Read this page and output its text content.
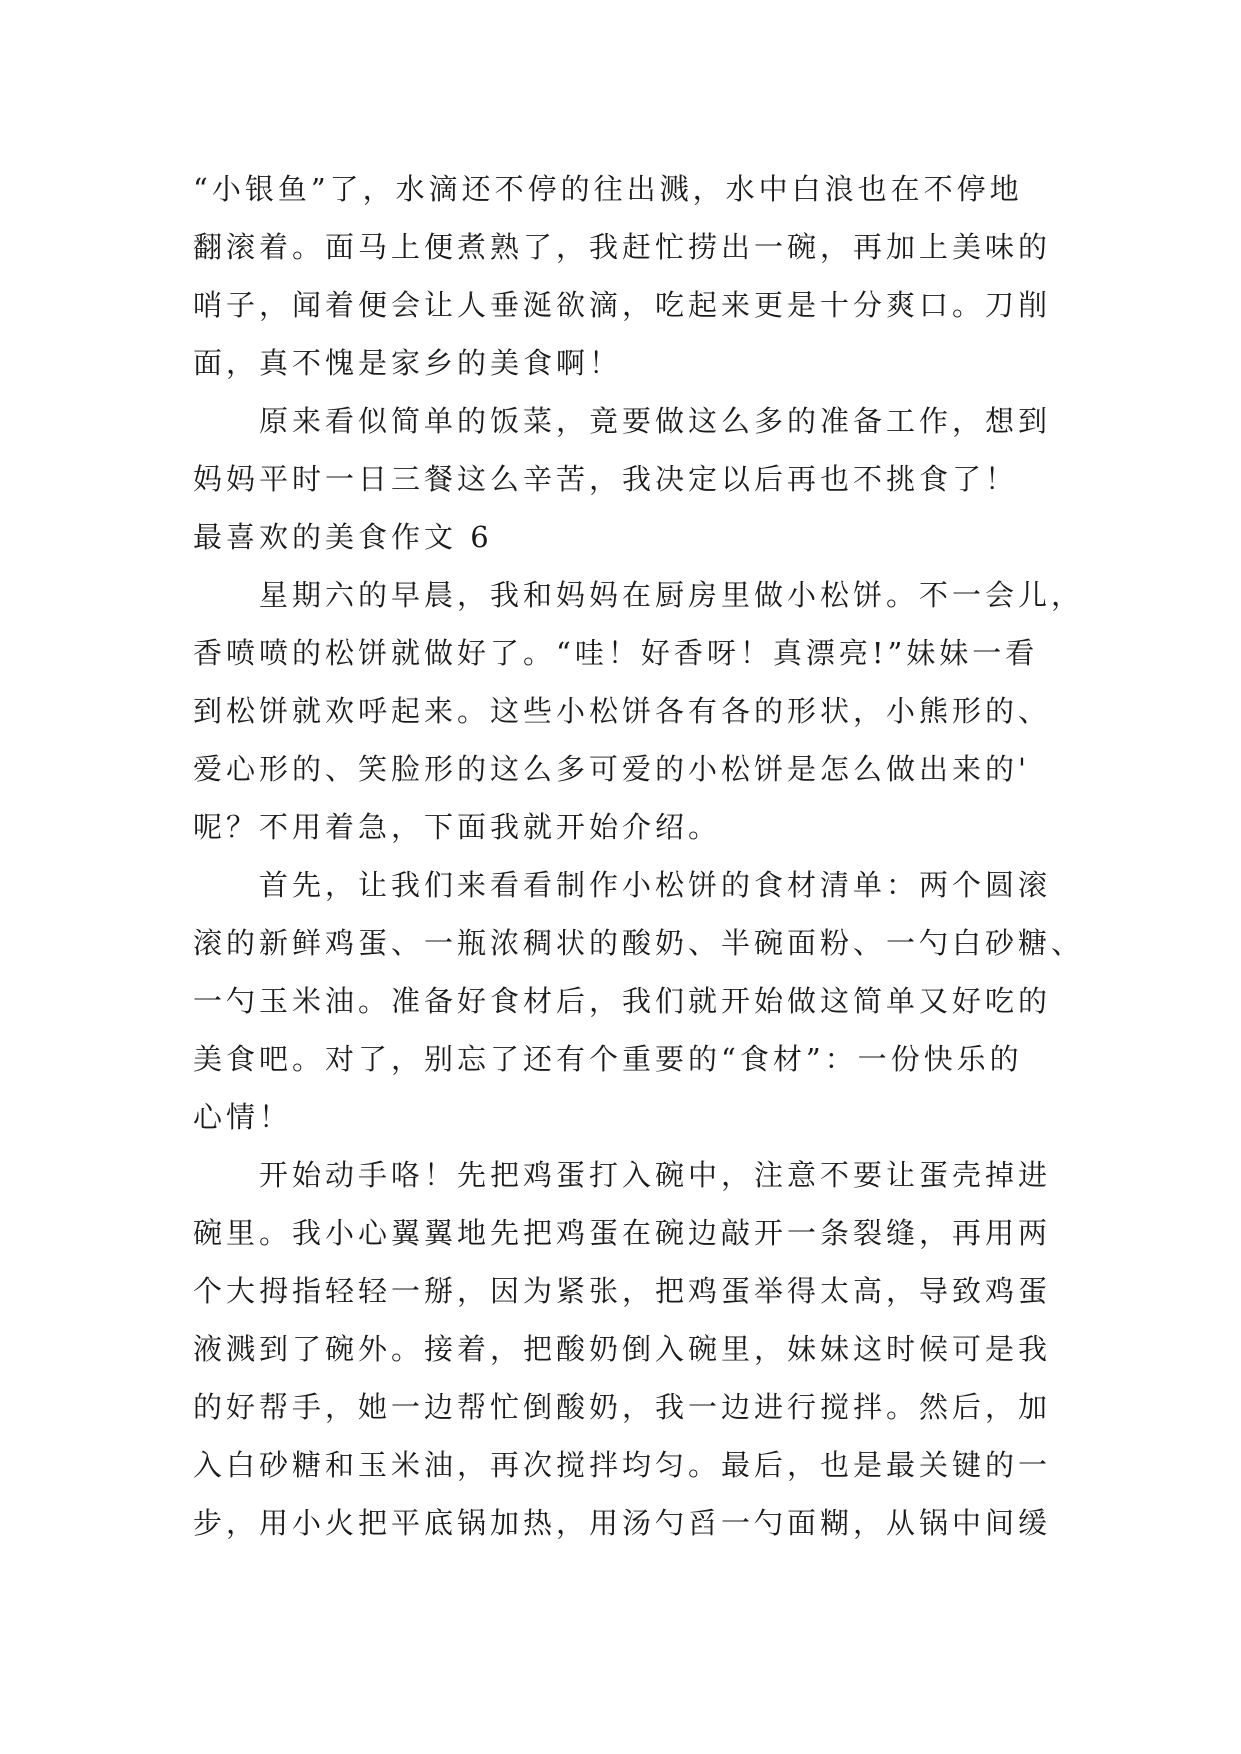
“小银鱼”了，水滴还不停的往出溅，水中白浪也在不停地
翻滚着。面马上便煮熟了，我赶忙捞出一碗，再加上美味的
哨子，闻着便会让人垂涎欲滴，吃起来更是十分爽口。刀削
面，真不愧是家乡的美食啊！
原来看似简单的饭菜，竟要做这么多的准备工作，想到
妈妈平时一日三餐这么辛苦，我决定以后再也不挑食了！
最喜欢的美食作文 6
星期六的早晨，我和妈妈在厨房里做小松饼。不一会儿，
香喷喷的松饼就做好了。“哇！好香呀！真漂亮!”妹妹一看
到松饼就欢呼起来。这些小松饼各有各的形状，小熊形的、
爱心形的、笑脸形的这么多可爱的小松饼是怎么做出来的'
呢？不用着急，下面我就开始介绍。
首先，让我们来看看制作小松饼的食材清单：两个圆滚
滚的新鲜鸡蛋、一瓶浓稠状的酸奶、半碗面粉、一勺白砂糖、
一勺玉米油。准备好食材后，我们就开始做这简单又好吃的
美食吧。对了，别忘了还有个重要的“食材”：一份快乐的
心情！
开始动手咯！先把鸡蛋打入碗中，注意不要让蛋壳掉进
碗里。我小心翼翼地先把鸡蛋在碗边敲开一条裂缝，再用两
个大拇指轻轻一掰，因为紧张，把鸡蛋举得太高，导致鸡蛋
液溅到了碗外。接着，把酸奶倒入碗里，妹妹这时候可是我
的好帮手，她一边帮忙倒酸奶，我一边进行搅拌。然后，加
入白砂糖和玉米油，再次搅拌均匀。最后，也是最关键的一
步，用小火把平底锅加热，用汤勺舀一勺面糊，从锅中间缓
